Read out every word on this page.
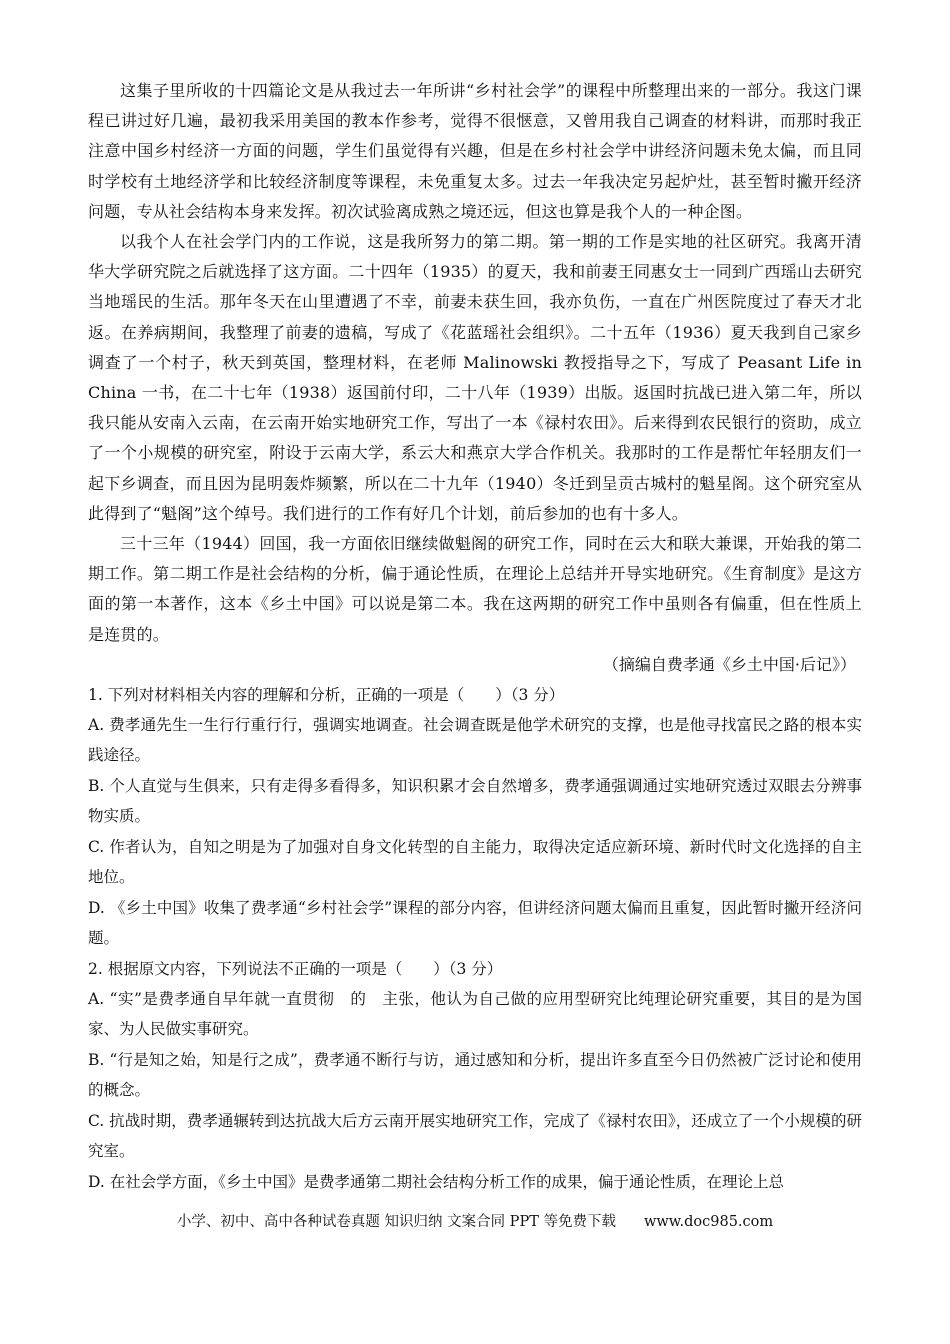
这集子里所收的十四篇论文是从我过去一年所讲“乡村社会学”的课程中所整理出来的一部分。我这门课程已讲过好几遍，最初我采用美国的教本作参考，觉得不很惬意，又曾用我自己调查的材料讲，而那时我正注意中国乡村经济一方面的问题，学生们虽觉得有兴趣，但是在乡村社会学中讲经济问题未免太偏，而且同时学校有土地经济学和比较经济制度等课程，未免重复太多。过去一年我决定另起炉灶，甚至暂时撇开经济问题，专从社会结构本身来发挥。初次试验离成熟之境还远，但这也算是我个人的一种企图。

以我个人在社会学门内的工作说，这是我所努力的第二期。第一期的工作是实地的社区研究。我离开清华大学研究院之后就选择了这方面。二十四年（1935）的夏天，我和前妻王同惠女士一同到广西瑶山去研究当地瑶民的生活。那年冬天在山里遭遇了不幸，前妻未获生回，我亦负伤，一直在广州医院度过了春天才北返。在养病期间，我整理了前妻的遗稿，写成了《花蓝瑶社会组织》。二十五年（1936）夏天我到自己家乡调查了一个村子，秋天到英国，整理材料，在老师 Malinowski 教授指导之下，写成了 Peasant Life in China 一书，在二十七年（1938）返国前付印，二十八年（1939）出版。返国时抗战已进入第二年，所以我只能从安南入云南，在云南开始实地研究工作，写出了一本《禄村农田》。后来得到农民银行的资助，成立了一个小规模的研究室，附设于云南大学，系云大和燕京大学合作机关。我那时的工作是帮忙年轻朋友们一起下乡调查，而且因为昆明轰炸频繁，所以在二十九年（1940）冬迁到呈贡古城村的魁星阁。这个研究室从此得到了“魁阁”这个绰号。我们进行的工作有好几个计划，前后参加的也有十多人。

三十三年（1944）回国，我一方面依旧继续做魁阁的研究工作，同时在云大和联大兼课，开始我的第二期工作。第二期工作是社会结构的分析，偏于通论性质，在理论上总结并开导实地研究。《生育制度》是这方面的第一本著作，这本《乡土中国》可以说是第二本。我在这两期的研究工作中虽则各有偏重，但在性质上是连贯的。

（摘编自费孝通《乡土中国·后记》）

1. 下列对材料相关内容的理解和分析，正确的一项是（　　）（3 分）

A. 费孝通先生一生行行重行行，强调实地调查。社会调查既是他学术研究的支撑，也是他寻找富民之路的根本实践途径。

B. 个人直觉与生俱来，只有走得多看得多，知识积累才会自然增多，费孝通强调通过实地研究透过双眼去分辨事物实质。

C. 作者认为，自知之明是为了加强对自身文化转型的自主能力，取得决定适应新环境、新时代时文化选择的自主地位。

D. 《乡土中国》收集了费孝通“乡村社会学”课程的部分内容，但讲经济问题太偏而且重复，因此暂时撇开经济问题。

2. 根据原文内容，下列说法不正确的一项是（　　）（3 分）

A. “实”是费孝通自早年就一直贯彻　的　主张，他认为自己做的应用型研究比纯理论研究重要，其目的是为国家、为人民做实事研究。

B. “行是知之始，知是行之成”，费孝通不断行与访，通过感知和分析，提出许多直至今日仍然被广泛讨论和使用的概念。

C. 抗战时期，费孝通辗转到达抗战大后方云南开展实地研究工作，完成了《禄村农田》，还成立了一个小规模的研究室。

D. 在社会学方面，《乡土中国》是费孝通第二期社会结构分析工作的成果，偏于通论性质，在理论上总

小学、初中、高中各种试卷真题 知识归纳 文案合同 PPT 等免费下载 www.doc985.com
